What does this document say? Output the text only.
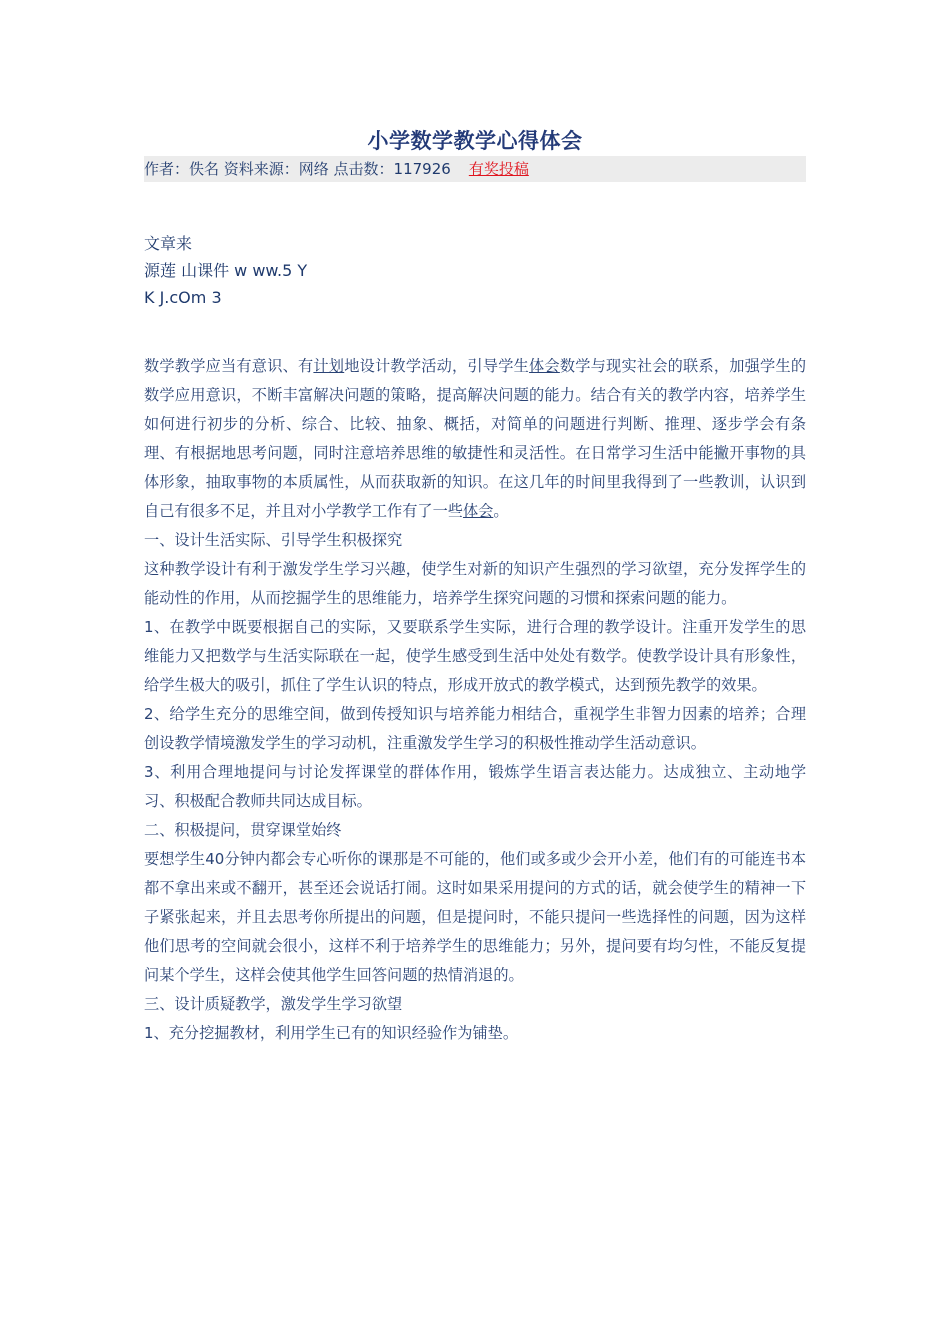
小学数学教学心得体会
作者：佚名 资料来源：网络 点击数：117926 有奖投稿
文章来
源莲 山课件 w ww.5 Y
K J.cOm 3

数学教学应当有意识、有计划地设计教学活动，引导学生体会数学与现实社会的联系，加强学生的数学应用意识，不断丰富解决问题的策略，提高解决问题的能力。结合有关的教学内容，培养学生如何进行初步的分析、综合、比较、抽象、概括，对简单的问题进行判断、推理、逐步学会有条理、有根据地思考问题，同时注意培养思维的敏捷性和灵活性。在日常学习生活中能撇开事物的具体形象，抽取事物的本质属性，从而获取新的知识。在这几年的时间里我得到了一些教训，认识到自己有很多不足，并且对小学教学工作有了一些体会。

一、设计生活实际、引导学生积极探究

这种教学设计有利于激发学生学习兴趣，使学生对新的知识产生强烈的学习欲望，充分发挥学生的能动性的作用，从而挖掘学生的思维能力，培养学生探究问题的习惯和探索问题的能力。

1、在教学中既要根据自己的实际，又要联系学生实际，进行合理的教学设计。注重开发学生的思维能力又把数学与生活实际联在一起，使学生感受到生活中处处有数学。使教学设计具有形象性，给学生极大的吸引，抓住了学生认识的特点，形成开放式的教学模式，达到预先教学的效果。

2、给学生充分的思维空间，做到传授知识与培养能力相结合，重视学生非智力因素的培养；合理创设教学情境激发学生的学习动机，注重激发学生学习的积极性推动学生活动意识。

3、利用合理地提问与讨论发挥课堂的群体作用，锻炼学生语言表达能力。达成独立、主动地学习、积极配合教师共同达成目标。

二、积极提问，贯穿课堂始终

要想学生40分钟内都会专心听你的课那是不可能的，他们或多或少会开小差，他们有的可能连书本都不拿出来或不翻开，甚至还会说话打闹。这时如果采用提问的方式的话，就会使学生的精神一下子紧张起来，并且去思考你所提出的问题，但是提问时，不能只提问一些选择性的问题，因为这样他们思考的空间就会很小，这样不利于培养学生的思维能力；另外，提问要有均匀性，不能反复提问某个学生，这样会使其他学生回答问题的热情消退的。

三、设计质疑教学，激发学生学习欲望

1、充分挖掘教材，利用学生已有的知识经验作为铺垫。
